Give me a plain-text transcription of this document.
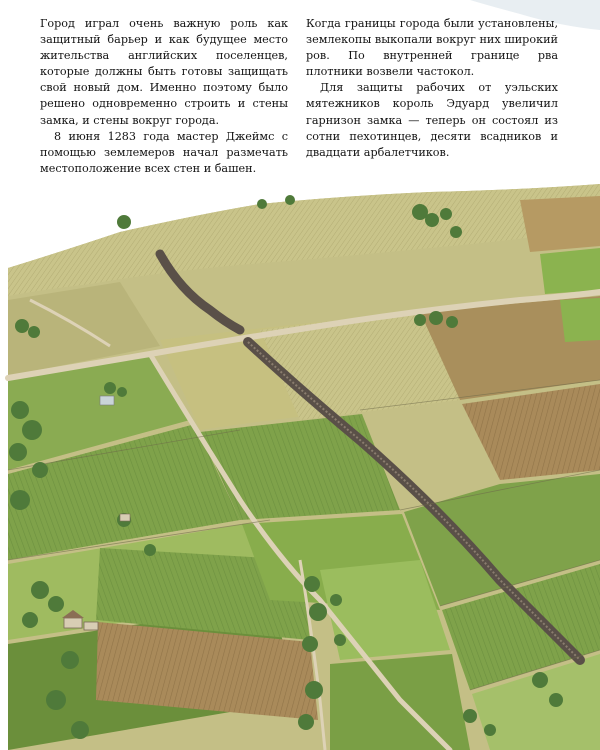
Город играл очень важную роль как защитный барьер и как будущее место жительства английских поселенцев, которые должны быть готовы защищать свой новый дом. Именно поэтому было решено одновременно строить и стены замка, и стены вокруг города.

8 июня 1283 года мастер Джеймс с помощью землемеров начал размечать местоположение всех стен и башен.

Когда границы города были установлены, землекопы выкопали вокруг них широкий ров. По внутренней границе рва плотники возвели частокол.

Для защиты рабочих от уэльских мятежников король Эдуард увеличил гарнизон замка — теперь он состоял из сотни пехотинцев, десяти всадников и двадцати арбалетчиков.
